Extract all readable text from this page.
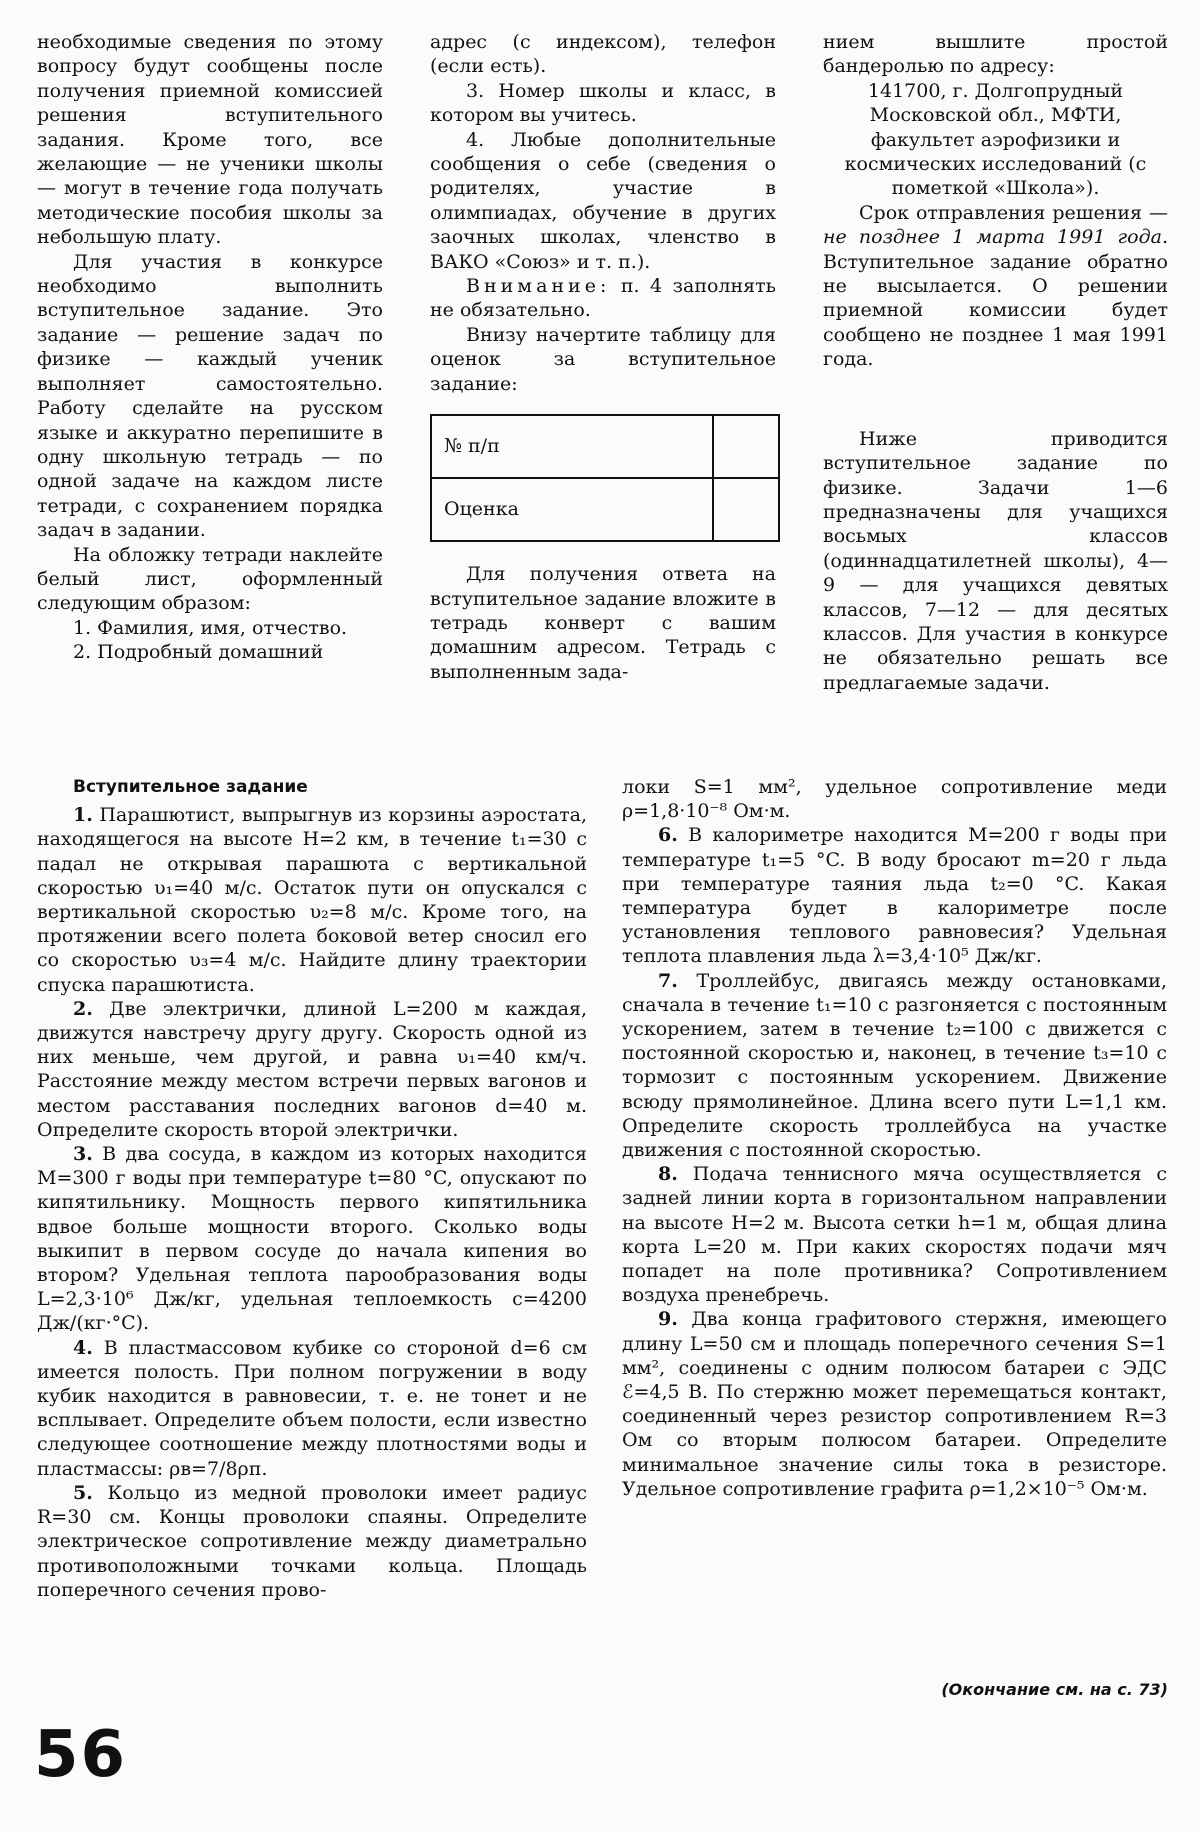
необходимые сведения по этому вопросу будут сообщены после получения приемной комиссией решения вступительного задания. Кроме того, все желающие — не ученики школы — могут в течение года получать методические пособия школы за небольшую плату.

Для участия в конкурсе необходимо выполнить вступительное задание. Это задание — решение задач по физике — каждый ученик выполняет самостоятельно. Работу сделайте на русском языке и аккуратно перепишите в одну школьную тетрадь — по одной задаче на каждом листе тетради, с сохранением порядка задач в задании.

На обложку тетради наклейте белый лист, оформленный следующим образом:

1. Фамилия, имя, отчество.

2. Подробный домашний

адрес (с индексом), телефон (если есть).

3. Номер школы и класс, в котором вы учитесь.

4. Любые дополнительные сообщения о себе (сведения о родителях, участие в олимпиадах, обучение в других заочных школах, членство в ВАКО «Союз» и т. п.).

Внимание: п. 4 заполнять не обязательно.

Внизу начертите таблицу для оценок за вступительное задание:

№ п/п	
Оценка	

Для получения ответа на вступительное задание вложите в тетрадь конверт с вашим домашним адресом. Тетрадь с выполненным зада-

нием вышлите простой бандеролью по адресу:

141700, г. Долгопрудный Московской обл., МФТИ, факультет аэрофизики и космических исследований (с пометкой «Школа»).

Срок отправления решения — не позднее 1 марта 1991 года. Вступительное задание обратно не высылается. О решении приемной комиссии будет сообщено не позднее 1 мая 1991 года.

Ниже приводится вступительное задание по физике. Задачи 1—6 предназначены для учащихся восьмых классов (одиннадцатилетней школы), 4—9 — для учащихся девятых классов, 7—12 — для десятых классов. Для участия в конкурсе не обязательно решать все предлагаемые задачи.

Вступительное задание

1. Парашютист, выпрыгнув из корзины аэростата, находящегося на высоте H=2 км, в течение t₁=30 с падал не открывая парашюта с вертикальной скоростью υ₁=40 м/с. Остаток пути он опускался с вертикальной скоростью υ₂=8 м/с. Кроме того, на протяжении всего полета боковой ветер сносил его со скоростью υ₃=4 м/с. Найдите длину траектории спуска парашютиста.

2. Две электрички, длиной L=200 м каждая, движутся навстречу другу другу. Скорость одной из них меньше, чем другой, и равна υ₁=40 км/ч. Расстояние между местом встречи первых вагонов и местом расставания последних вагонов d=40 м. Определите скорость второй электрички.

3. В два сосуда, в каждом из которых находится M=300 г воды при температуре t=80 °C, опускают по кипятильнику. Мощность первого кипятильника вдвое больше мощности второго. Сколько воды выкипит в первом сосуде до начала кипения во втором? Удельная теплота парообразования воды L=2,3·10⁶ Дж/кг, удельная теплоемкость c=4200 Дж/(кг·°C).

4. В пластмассовом кубике со стороной d=6 см имеется полость. При полном погружении в воду кубик находится в равновесии, т. е. не тонет и не всплывает. Определите объем полости, если известно следующее соотношение между плотностями воды и пластмассы: ρв=7/8ρп.

5. Кольцо из медной проволоки имеет радиус R=30 см. Концы проволоки спаяны. Определите электрическое сопротивление между диаметрально противоположными точками кольца. Площадь поперечного сечения прово-

локи S=1 мм², удельное сопротивление меди ρ=1,8·10⁻⁸ Ом·м.

6. В калориметре находится M=200 г воды при температуре t₁=5 °C. В воду бросают m=20 г льда при температуре таяния льда t₂=0 °C. Какая температура будет в калориметре после установления теплового равновесия? Удельная теплота плавления льда λ=3,4·10⁵ Дж/кг.

7. Троллейбус, двигаясь между остановками, сначала в течение t₁=10 с разгоняется с постоянным ускорением, затем в течение t₂=100 с движется с постоянной скоростью и, наконец, в течение t₃=10 с тормозит с постоянным ускорением. Движение всюду прямолинейное. Длина всего пути L=1,1 км. Определите скорость троллейбуса на участке движения с постоянной скоростью.

8. Подача теннисного мяча осуществляется с задней линии корта в горизонтальном направлении на высоте H=2 м. Высота сетки h=1 м, общая длина корта L=20 м. При каких скоростях подачи мяч попадет на поле противника? Сопротивлением воздуха пренебречь.

9. Два конца графитового стержня, имеющего длину L=50 см и площадь поперечного сечения S=1 мм², соединены с одним полюсом батареи с ЭДС ℰ=4,5 В. По стержню может перемещаться контакт, соединенный через резистор сопротивлением R=3 Ом со вторым полюсом батареи. Определите минимальное значение силы тока в резисторе. Удельное сопротивление графита ρ=1,2×10⁻⁵ Ом·м.

(Окончание см. на с. 73)
56
